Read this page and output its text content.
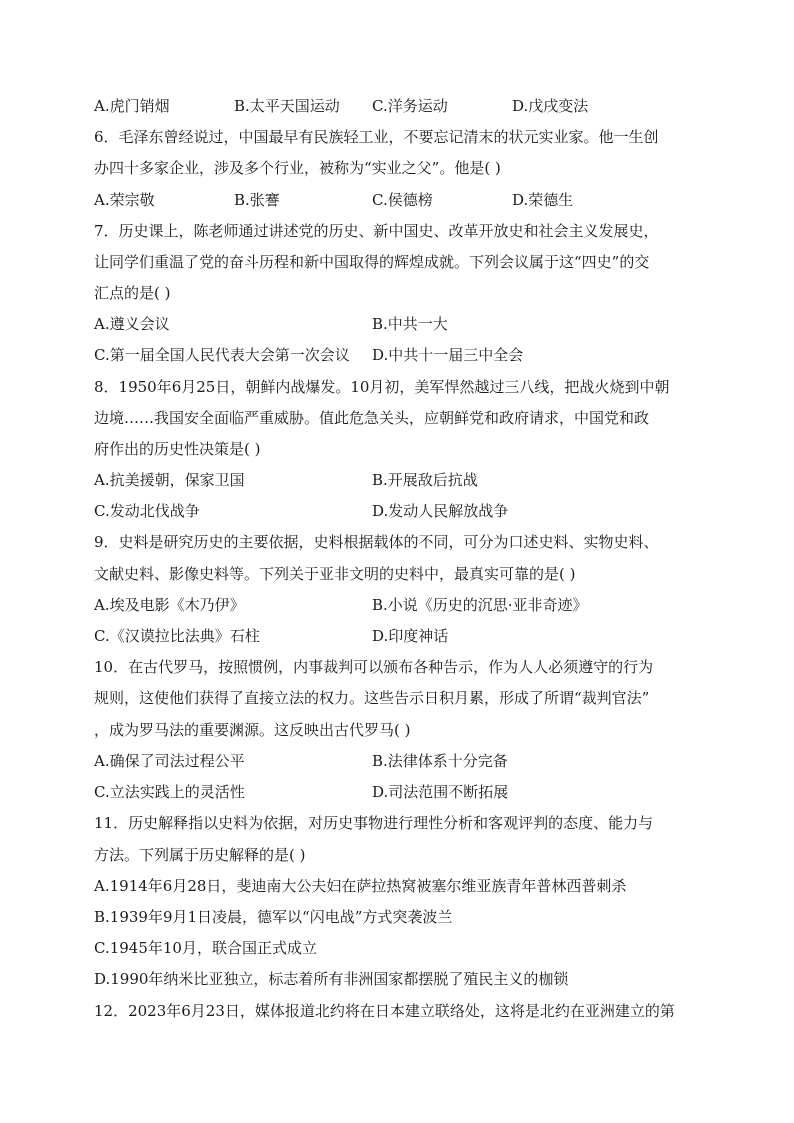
A.虎门销烟	B.太平天国运动 C.洋务运动	D.戊戌变法
6．毛泽东曾经说过，中国最早有民族轻工业，不要忘记清末的状元实业家。他一生创
办四十多家企业，涉及多个行业，被称为“实业之父”。他是( )
A.荣宗敬	B.张謇	C.侯德榜	D.荣德生
7．历史课上，陈老师通过讲述党的历史、新中国史、改革开放史和社会主义发展史，
让同学们重温了党的奋斗历程和新中国取得的辉煌成就。下列会议属于这“四史”的交
汇点的是( )
A.遵义会议	B.中共一大
C.第一届全国人民代表大会第一次会议 D.中共十一届三中全会
8．1950年6月25日，朝鲜内战爆发。10月初，美军悍然越过三八线，把战火烧到中朝
边境……我国安全面临严重威胁。值此危急关头，应朝鲜党和政府请求，中国党和政
府作出的历史性决策是( )
A.抗美援朝，保家卫国	B.开展敌后抗战
C.发动北伐战争	D.发动人民解放战争
9．史料是研究历史的主要依据，史料根据载体的不同，可分为口述史料、实物史料、
文献史料、影像史料等。下列关于亚非文明的史料中，最真实可靠的是( )
A.埃及电影《木乃伊》	B.小说《历史的沉思·亚非奇迹》
C.《汉谟拉比法典》石柱	D.印度神话
10．在古代罗马，按照惯例，内事裁判可以颁布各种告示，作为人人必须遵守的行为
规则，这使他们获得了直接立法的权力。这些告示日积月累，形成了所谓“裁判官法”
，成为罗马法的重要渊源。这反映出古代罗马( )
A.确保了司法过程公平	B.法律体系十分完备
C.立法实践上的灵活性	D.司法范围不断拓展
11．历史解释指以史料为依据，对历史事物进行理性分析和客观评判的态度、能力与
方法。下列属于历史解释的是( )
A.1914年6月28日，斐迪南大公夫妇在萨拉热窝被塞尔维亚族青年普林西普刺杀
B.1939年9月1日凌晨，德军以“闪电战”方式突袭波兰
C.1945年10月，联合国正式成立
D.1990年纳米比亚独立，标志着所有非洲国家都摆脱了殖民主义的枷锁
12．2023年6月23日，媒体报道北约将在日本建立联络处，这将是北约在亚洲建立的第
